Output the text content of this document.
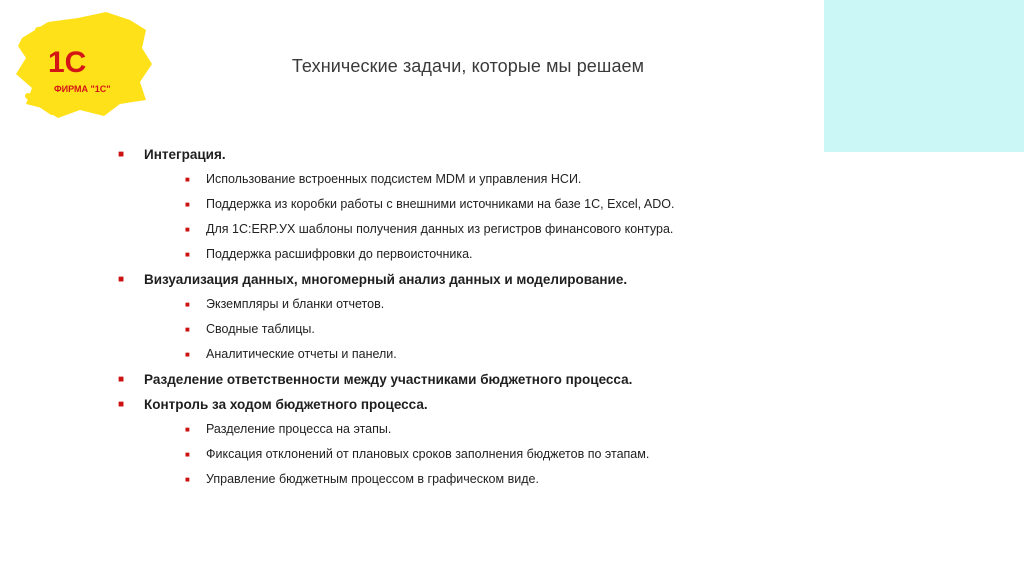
1С
ФИРМА "1С"
Технические задачи, которые мы решаем
■ Интеграция.
■ Использование встроенных подсистем MDM и управления НСИ.
■ Поддержка из коробки работы с внешними источниками на базе 1С, Excel, ADO.
■ Для 1С:ERP.УХ шаблоны получения данных из регистров финансового контура.
■ Поддержка расшифровки до первоисточника.
■ Визуализация данных, многомерный анализ данных и моделирование.
■ Экземпляры и бланки отчетов.
■ Сводные таблицы.
■ Аналитические отчеты и панели.
■ Разделение ответственности между участниками бюджетного процесса.
■ Контроль за ходом бюджетного процесса.
■ Разделение процесса на этапы.
■ Фиксация отклонений от плановых сроков заполнения бюджетов по этапам.
■ Управление бюджетным процессом в графическом виде.
